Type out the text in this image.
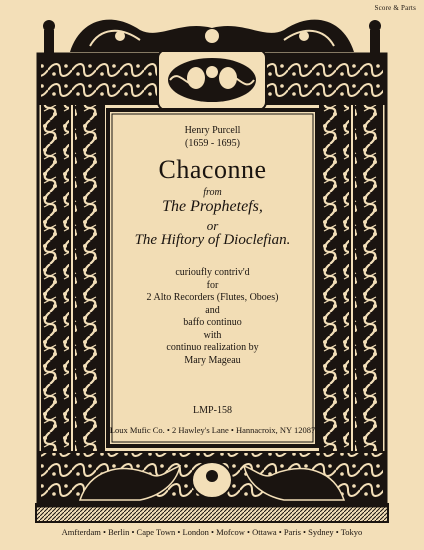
Score & Parts
Henry Purcell
(1659 - 1695)
Chaconne
from
The Prophetefs,
or
The Hiftory of Dioclefian.
curioufly contriv'd
for
2 Alto Recorders (Flutes, Oboes)
and
baffo continuo
with
continuo realization by
Mary Mageau
LMP-158
Loux Mufic Co. • 2 Hawley's Lane • Hannacroix, NY 12087
Amfterdam • Berlin • Cape Town • London • Mofcow • Ottawa • Paris • Sydney • Tokyo
